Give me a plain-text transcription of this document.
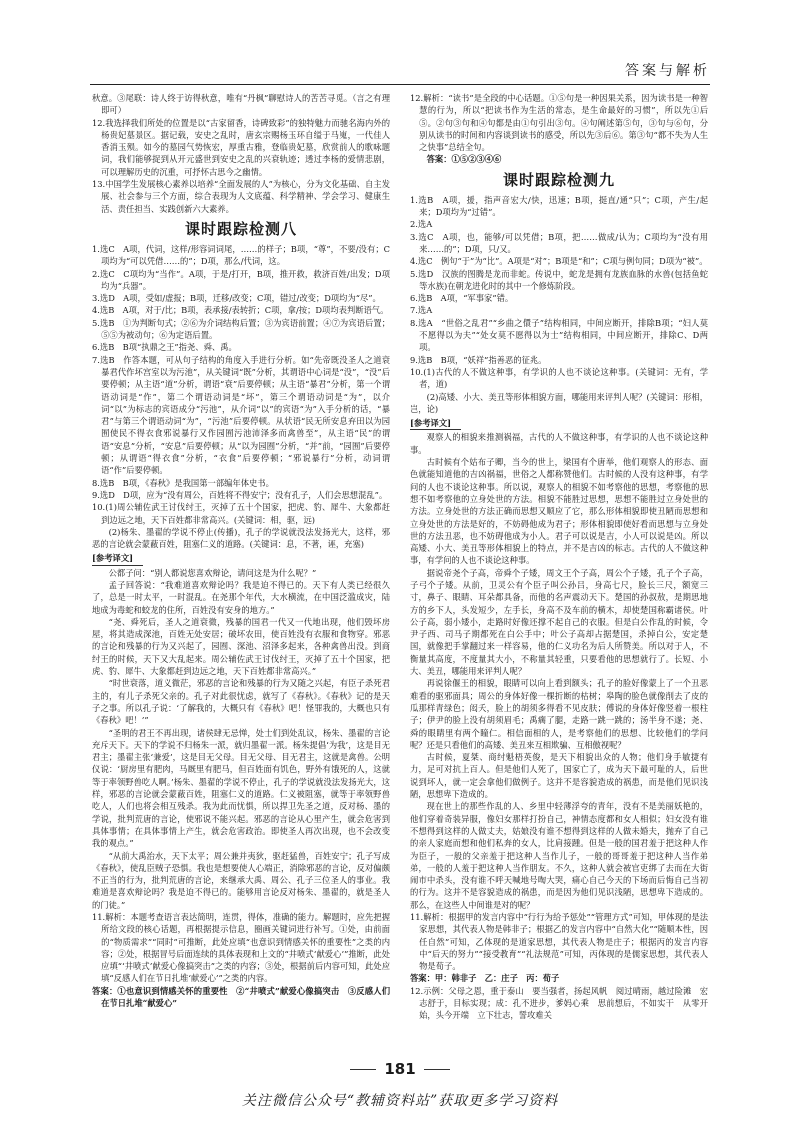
答案与解析

秋意。③尾联：诗人终于访得秋意，唯有“丹枫”聊慰诗人的苦苦寻觅。（言之有理即可）

12.我选择我们所处的位置是以“古家留香，诗碑致彩”的独特魅力而驰名海内外的杨贵妃墓景区。据记载，安史之乱时，唐玄宗赐杨玉环自缢于马嵬，一代佳人香消玉殒。如今的墓园气势恢宏，厚重古雅，登临贵妃墓，欣赏前人的歌咏题词，我们能够捉到从开元盛世到安史之乱的兴衰轨迹；透过李杨的爱情悲剧，可以理解历史的沉重，可抒怀古思今之幽情。

13.中国学生发展核心素养以培养“全面发展的人”为核心，分为文化基础、自主发展、社会参与三个方面，综合表现为人文底蕴、科学精神、学会学习、健康生活、责任担当、实践创新六大素养。

课时跟踪检测八

1.选C　A项，代词，这样/形容词词尾，……的样子；B项，“尊”，不要/没有；C项均为“可以凭借……的”；D项，那么/代词，这。

2.选C　C项均为“当作”。A项，于是/打开，B项，推开救，救济百姓/出发；D项均为“兵器”。

3.选D　A项，受如/虚报；B项，迁移/改变；C项，错过/改变；D项均为“尽”。

4.选B　A项，对于/比；B项，表承接/表转折；C项，拿/按；D项均表判断语气。

5.选B　①为判断句式；②⑥为介词结构后置；③为宾语前置；④⑦为宾语后置；⑤⑤为被动句；⑥为定语后置。

6.选B　B项“执鼎之王”指尧、舜、禹。

7.选B　作答本题，可从句子结构的角度入手进行分析。如“先帝既没圣人之道衰暴君代作坏宫室以为污池”，从关键词“既”分析，其谓语中心词是“没”，“没”后要停顿；从主语“道”分析，谓语“衰”后要停顿；从主语“暴君”分析，第一个谓语动词是“作”，第二个谓语动词是“坏”，第三个谓语动词是“为”，以介词“以”为标志的宾语成分“污池”，从介词“以”的宾语“为”入手分析的话，“暴君”与第三个谓语动词“为”，“污池”后要停顿。从状语“民无所安息弃田以为园囿使民不得衣食邪说暴行又作园囿污池沛泽多而禽兽至”，从主语“民”的谓语“安息”分析，“安息”后要停顿；从“以为园囿”分析，“并”前，“园囿”后要停顿；从谓语“得衣食”分析，“衣食”后要停顿；“邪说暴行”分析，动词谓语“作”后要停顿。

8.选B　B项，《春秋》是我国第一部编年体史书。

9.选D　D项，应为“没有周公，百姓将不得安宁；没有孔子，人们会思想混乱”。

10.(1)周公辅佐武王讨伐纣王，灭掉了五十个国家，把虎、豹、犀牛、大象都赶到边远之地，天下百姓都非常高兴。(关键词：相，驱，远)

(2)杨朱、墨翟的学说不停止(传播)，孔子的学说就没法发扬光大，这样，邪恶的言论就会蒙蔽百姓，阻塞仁义的道路。(关键词：息，不著，诬，充塞)

[参考译文]

公都子问：“别人都说您喜欢辩论，请问这是为什么呢？”

孟子回答说：“我难道喜欢辩论吗？我是迫不得已的。天下有人类已经很久了，总是一时太平，一时混乱。在尧那个年代，大水横流，在中国泛滥成灾，陆地成为毒蛇和蛟龙的住所，百姓没有安身的地方。”

“尧、舜死后，圣人之道衰微，残暴的国君一代又一代地出现，他们毁坏房屋，将其造成深池，百姓无处安居；破坏农田，使百姓没有衣服和食物穿。邪恶的言论和残暴的行为又兴起了，园囿、深池、沼泽多起来，各种禽兽出没。到商纣王的时候，天下又大乱起来。周公辅佐武王讨伐纣王，灭掉了五十个国家，把虎、豹、犀牛、大象都赶到边远之地，天下百姓都非常高兴。”

“时世衰落，道义微茫，邪恶的言论和残暴的行为又随之兴起，有臣子杀死君主的，有儿子杀死父亲的。孔子对此很忧虑，就写了《春秋》。《春秋》记的是天子之事。所以孔子说：‘了解我的，大概只有《春秋》吧！怪罪我的，大概也只有《春秋》吧！’”

“圣明的君王不再出现，诸侯肆无忌惮，处士们到处乱议，杨朱、墨翟的言论充斥天下。天下的学说不归杨朱一派，就归墨翟一派。杨朱提倡‘为我’，这是目无君主；墨翟主张‘兼爱’，这是目无父母。目无父母、目无君主，这就是禽兽。公明仪说：‘厨房里有肥肉，马厩里有肥马，但百姓面有饥色，野外有饿死的人，这就等于率领野兽吃人啊。’杨朱、墨翟的学说不停止，孔子的学说就没法发扬光大，这样，邪恶的言论就会蒙蔽百姓，阻塞仁义的道路。仁义被阻塞，就等于率领野兽吃人，人们也将会相互残杀。我为此而忧惧，所以捍卫先圣之道，反对杨、墨的学说，批判荒唐的言论，使邪说不能兴起。邪恶的言论从心里产生，就会危害到具体事情；在具体事情上产生，就会危害政治。即使圣人再次出现，也不会改变我的观点。”

“从前大禹治水，天下太平；周公兼并夷狄，驱赶猛兽，百姓安宁；孔子写成《春秋》，使乱臣贼子恐惧。我也是想要使人心端正，消除邪恶的言论，反对偏颇不正当的行为，批判荒唐的言论，来继承大禹、周公、孔子三位圣人的事业。我难道是喜欢辩论吗？我是迫不得已的。能够用言论反对杨朱、墨翟的，就是圣人的门徒。”

11.解析：本题考查语言表达简明，连贯，得体，准确的能力。解题时，应先把握所给文段的核心话题，再根据提示信息，圈画关键词进行补写。①处，由前面的“物质需求”“同时”可推断，此处应填“也意识到情感关怀的重要性”之类的内容；②处，根据冒号后面连续的具体表现和上文的“井喷式‘献爱心’”推断，此处应填“‘井喷式’献爱心像搞突击”之类的内容；③处，根据前后内容可知，此处应填“反感人们在节日扎堆‘献爱心’”之类的内容。

答案：①也意识到情感关怀的重要性　②“井喷式”献爱心像搞突击　③反感人们在节日扎堆“献爱心”

12.解析：“读书”是全段的中心话题。①⑤句是一种因果关系，因为读书是一种智慧的行为，所以“把读书作为生活的常态，是生命最好的习惯”，所以先①后⑤。②句③句和④句都是由①句引出③句。④句阐述第⑤句，③句与⑥句，分别从读书的时间和内容谈到读书的感受，所以先③后⑥。第③句“都不失为人生之快事”总结全句。

答案：①⑤②③④⑥

课时跟踪检测九

1.选B　A项，援，指声音宏大/快，迅速；B项，挺直/通“只”；C项，产生/起来；D项均为“过错”。

2.选A

3.选C　A项，也，能够/可以凭借；B项，把……做成/认为；C项均为“没有用来……的”；D项，只/又。

4.选C　例句“于”为“比”。A项是“对”；B项是“和”；C项与例句同；D项为“被”。

5.选D　汉族的图腾是龙而非蛇。传说中，蛇龙是拥有龙族血脉的水兽(包括鱼蛇等水族)在朝龙进化时的其中一个修炼阶段。

6.选B　A项，“军事家”错。

7.选A

8.选A　“世俗之乱君”“乡曲之儇子”结构相同，中间应断开，排除B项；“妇人莫不愿得以为夫”“处女莫不愿得以为士”结构相同，中间应断开，排除C、D两项。

9.选B　B项，“妖祥”指善恶的征兆。

10.(1)古代的人不做这种事，有学识的人也不谈论这种事。(关键词：无有，学者，道)

(2)高矮、小大、美丑等形体相貌方面，哪能用来评判人呢？(关键词：形相，岂，论)

[参考译文]

观察人的相貌来推测祸福，古代的人不做这种事，有学识的人也不谈论这种事。

古时候有个姑布子卿，当今的世上，梁国有个唐举，他们观察人的形态、面色就能知道他的吉凶祸福，世俗之人都称赞他们。古时候的人没有这种事，有学问的人也不谈论这种事。所以说，观察人的相貌不如考察他的思想，考察他的思想不如考察他的立身处世的方法。相貌不能胜过思想，思想不能胜过立身处世的方法。立身处世的方法正确而思想又顺应了它，那么形体相貌即使丑陋而思想和立身处世的方法是好的，不妨碍他成为君子；形体相貌即使好看而思想与立身处世的方法丑恶，也不妨碍他成为小人。君子可以说是吉，小人可以说是凶。所以高矮、小大、美丑等形体相貌上的特点，并不是吉凶的标志。古代的人不做这种事，有学问的人也不谈论这种事。

据说帝尧个子高，帝舜个子矮，周文王个子高，周公个子矮，孔子个子高，子弓个子矮。从前，卫灵公有个臣子叫公孙吕，身高七尺，脸长三尺，额宽三寸，鼻子、眼睛、耳朵都具备，而他的名声震动天下。楚国的孙叔敖，是期思地方的乡下人，头发短少，左手长，身高不及车前的横木，却使楚国称霸诸侯。叶公子高，弱小矮小，走路时好像还撑不起自己的衣服。但是白公作乱的时候，令尹子西、司马子期都死在白公手中；叶公子高却占据楚国，杀掉白公，安定楚国，就像把手掌翻过来一样容易，他的仁义功名为后人所赞美。所以对于人，不衡量其高度，不度量其大小，不称量其轻重，只要看他的思想就行了。长短、小大、美丑，哪能用来评判人呢？

再说徐偃王的相貌，眼睛可以向上看到额头；孔子的脸好像蒙上了一个丑恶难看的驱邪面具；周公的身体好像一棵折断的枯树；皋陶的脸色就像削去了皮的瓜那样青绿色；闳夭，脸上的胡须多得看不见皮肤；傅说的身体好像竖着一根柱子；伊尹的脸上没有胡须眉毛；禹瘸了腿，走路一跳一跳的；汤半身不遂；尧、舜的眼睛里有两个瞳仁。相信面相的人，是考察他们的思想、比较他们的学问呢？还是只看他们的高矮、美丑来互相欺骗、互相傲视呢？

古时候，夏桀、商纣魁梧英俊，是天下相貌出众的人物；他们身手敏捷有力，足可对抗上百人。但是他们人死了，国家亡了，成为天下最可耻的人，后世说到坏人，就一定会拿他们做例子。这并不是容貌造成的祸患，而是他们见识浅陋，思想卑下造成的。

现在世上的那些作乱的人、乡里中轻薄浮夸的青年，没有不是美丽妖艳的，他们穿着奇装异服，像妇女那样打扮自己，神情态度都和女人相似；妇女没有谁不想得到这样的人做丈夫，姑娘没有谁不想得到这样的人做未婚夫，抛弃了自己的亲人家庭而想和他们私奔的女人，比肩接踵。但是一般的国君羞于把这种人作为臣子，一般的父亲羞于把这种人当作儿子，一般的哥哥羞于把这种人当作弟弟，一般的人羞于把这种人当作朋友。不久，这种人就会被官吏绑了去而在大街闹市中杀头，没有谁不呼天喊地号啕大哭，痛心自己今天的下场而后悔自己当初的行为。这并不是容貌造成的祸患，而是因为他们见识浅陋，思想卑下造成的。那么，在这些人中间谁是对的呢？

11.解析：根据甲的发言内容中“行行为给予惩处”“管理方式”可知，甲体现的是法家思想，其代表人物是韩非子；根据乙的发言内容中“自然大化”“随顺本性，因任自然”可知，乙体现的是道家思想，其代表人物是庄子；根据丙的发言内容中“后天的努力”“接受教育”“礼法规范”可知，丙体现的是儒家思想，其代表人物是荀子。

答案：甲：韩非子　乙：庄子　丙：荀子

12.示例：父母之恩，重于泰山　要当强者，扬起风帆　阅过晴雨，越过险滩　宏志舒于，目标实现；成：孔不进步，爹妈心乘　思前想后，不如实干　从零开始，头今开端　立下壮志，誓攻难关

181
关注微信公众号“教辅资料站”获取更多学习资料
